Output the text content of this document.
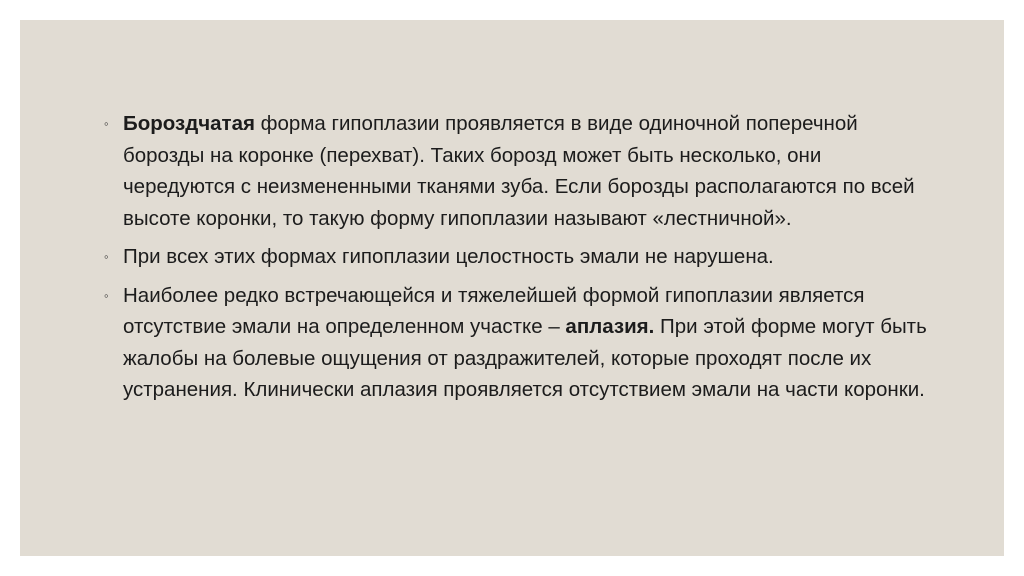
◦ Бороздчатая форма гипоплазии проявляется в виде одиночной поперечной борозды на коронке (перехват). Таких борозд может быть несколько, они чередуются с неизмененными тканями зуба. Если борозды располагаются по всей высоте коронки, то такую форму гипоплазии называют «лестничной».
◦ При всех этих формах гипоплазии целостность эмали не нарушена.
◦ Наиболее редко встречающейся и тяжелейшей формой гипоплазии является отсутствие эмали на определенном участке – аплазия. При этой форме могут быть жалобы на болевые ощущения от раздражителей, которые проходят после их устранения. Клинически аплазия проявляется отсутствием эмали на части коронки.
